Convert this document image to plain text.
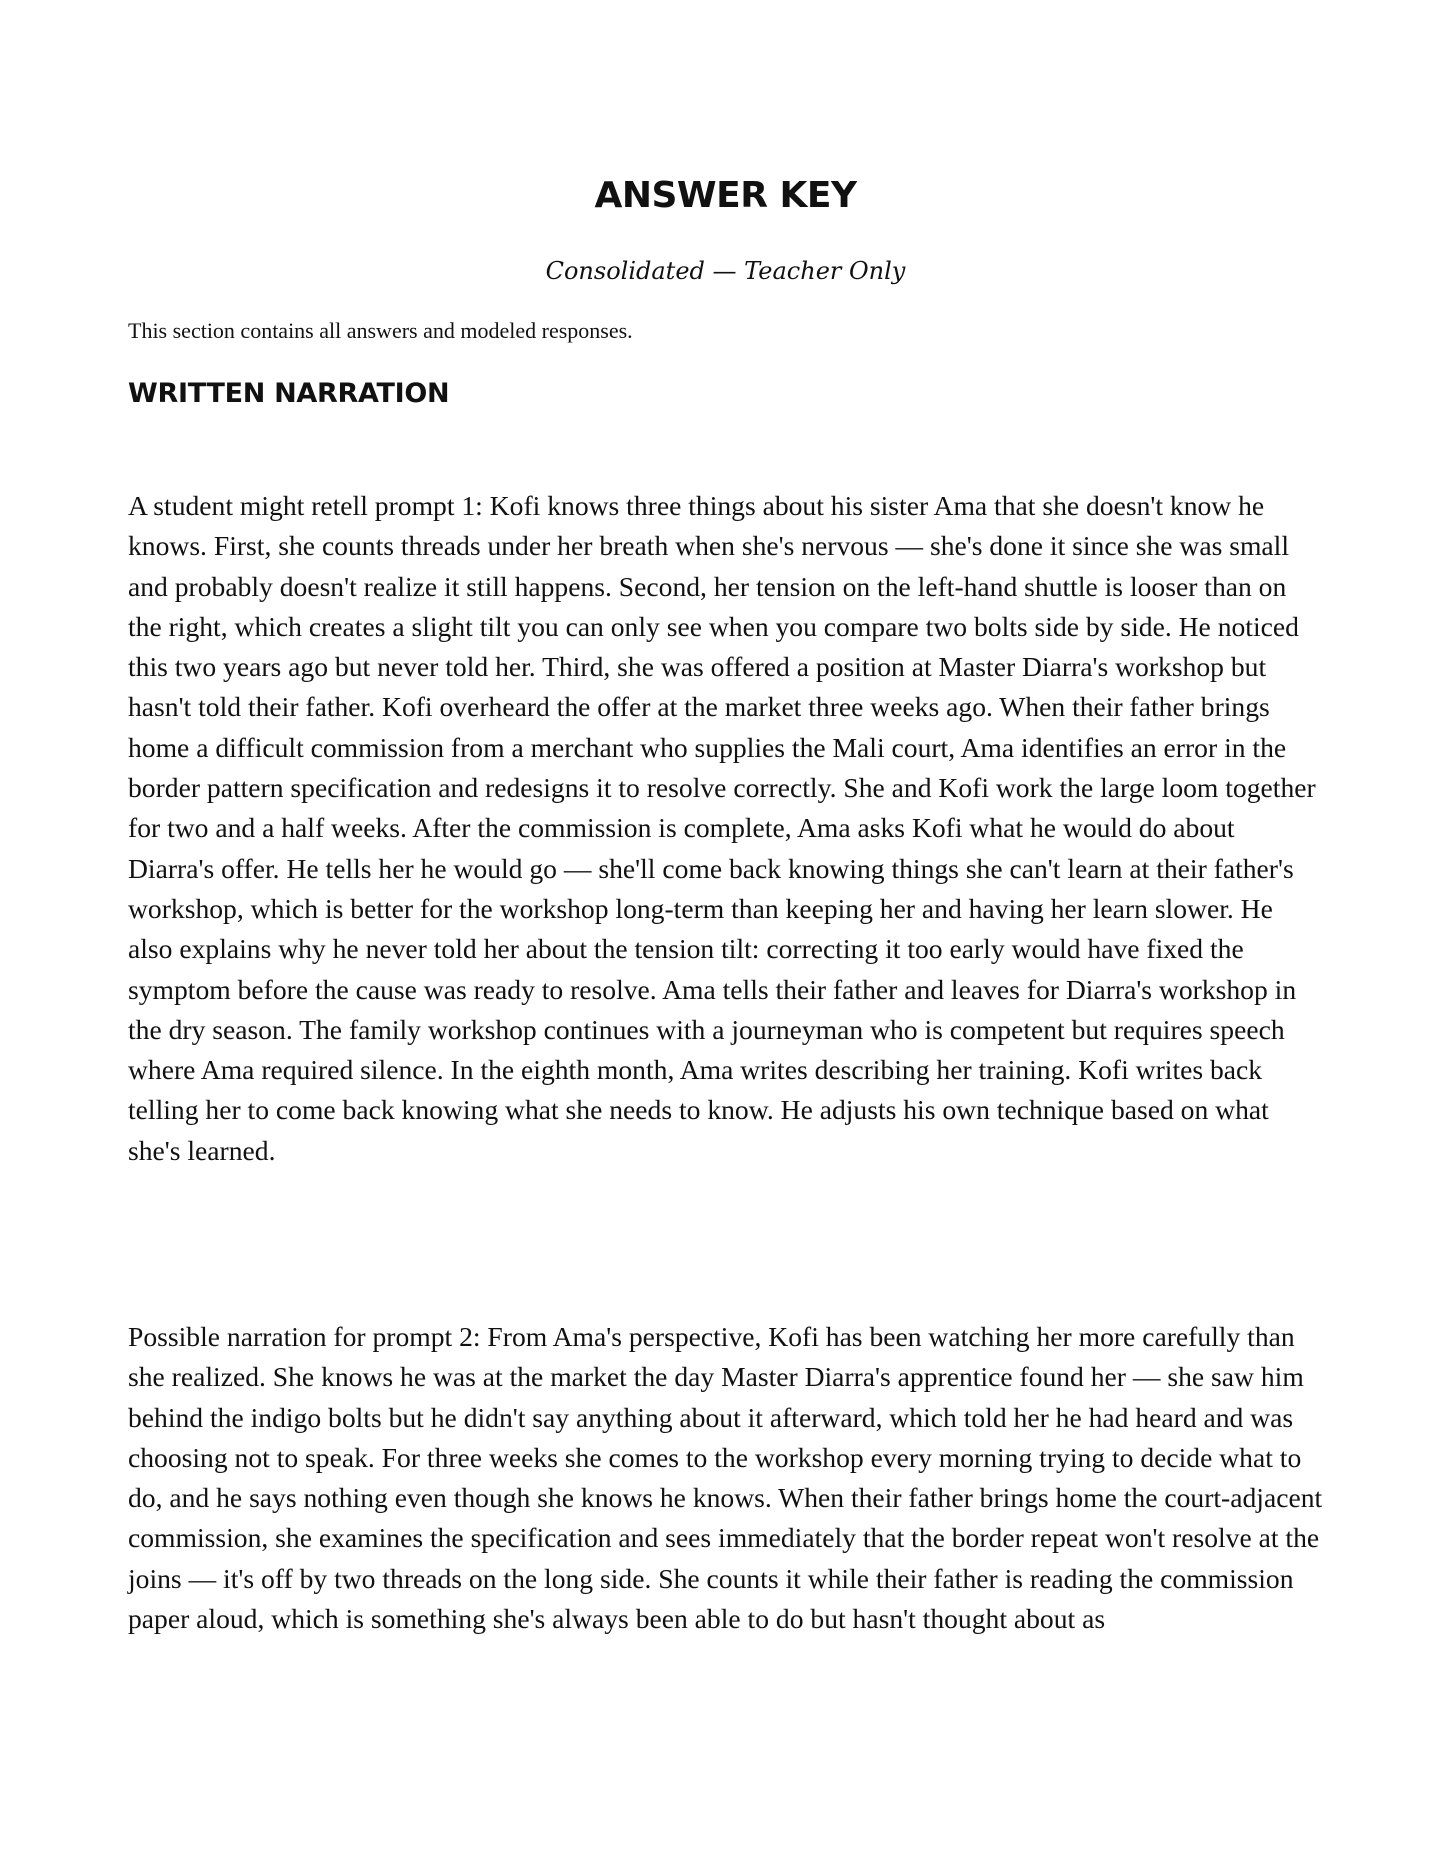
ANSWER KEY

Consolidated — Teacher Only

This section contains all answers and modeled responses.

WRITTEN NARRATION

A student might retell prompt 1: Kofi knows three things about his sister Ama that she doesn't know he knows. First, she counts threads under her breath when she's nervous — she's done it since she was small and probably doesn't realize it still happens. Second, her tension on the left-hand shuttle is looser than on the right, which creates a slight tilt you can only see when you compare two bolts side by side. He noticed this two years ago but never told her. Third, she was offered a position at Master Diarra's workshop but hasn't told their father. Kofi overheard the offer at the market three weeks ago. When their father brings home a difficult commission from a merchant who supplies the Mali court, Ama identifies an error in the border pattern specification and redesigns it to resolve correctly. She and Kofi work the large loom together for two and a half weeks. After the commission is complete, Ama asks Kofi what he would do about Diarra's offer. He tells her he would go — she'll come back knowing things she can't learn at their father's workshop, which is better for the workshop long-term than keeping her and having her learn slower. He also explains why he never told her about the tension tilt: correcting it too early would have fixed the symptom before the cause was ready to resolve. Ama tells their father and leaves for Diarra's workshop in the dry season. The family workshop continues with a journeyman who is competent but requires speech where Ama required silence. In the eighth month, Ama writes describing her training. Kofi writes back telling her to come back knowing what she needs to know. He adjusts his own technique based on what she's learned.

Possible narration for prompt 2: From Ama's perspective, Kofi has been watching her more carefully than she realized. She knows he was at the market the day Master Diarra's apprentice found her — she saw him behind the indigo bolts but he didn't say anything about it afterward, which told her he had heard and was choosing not to speak. For three weeks she comes to the workshop every morning trying to decide what to do, and he says nothing even though she knows he knows. When their father brings home the court-adjacent commission, she examines the specification and sees immediately that the border repeat won't resolve at the joins — it's off by two threads on the long side. She counts it while their father is reading the commission paper aloud, which is something she's always been able to do but hasn't thought about as
